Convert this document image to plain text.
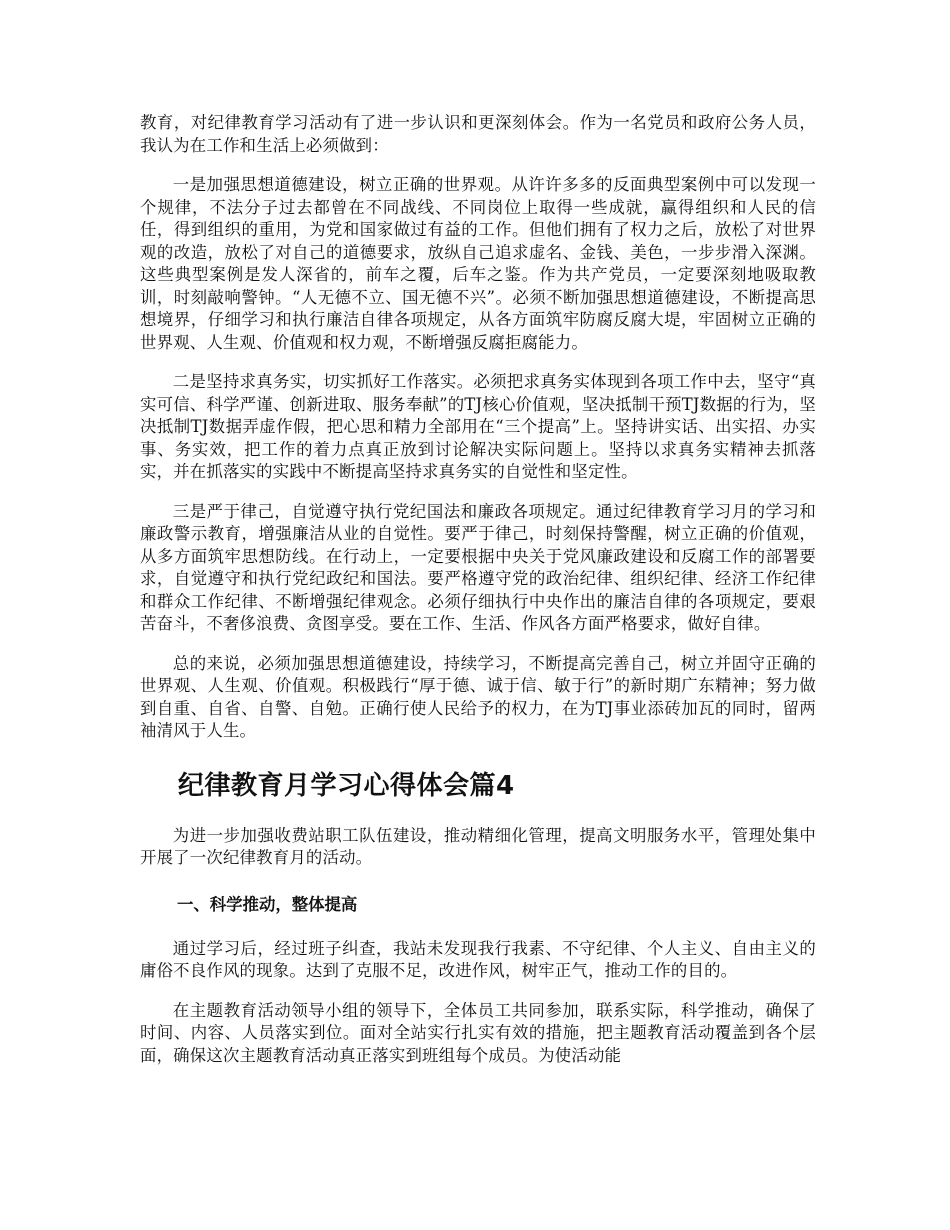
教育，对纪律教育学习活动有了进一步认识和更深刻体会。作为一名党员和政府公务人员，我认为在工作和生活上必须做到：

一是加强思想道德建设，树立正确的世界观。从许许多多的反面典型案例中可以发现一个规律，不法分子过去都曾在不同战线、不同岗位上取得一些成就，赢得组织和人民的信任，得到组织的重用，为党和国家做过有益的工作。但他们拥有了权力之后，放松了对世界观的改造，放松了对自己的道德要求，放纵自己追求虚名、金钱、美色，一步步滑入深渊。这些典型案例是发人深省的，前车之覆，后车之鉴。作为共产党员，一定要深刻地吸取教训，时刻敲响警钟。“人无德不立、国无德不兴”。必须不断加强思想道德建设，不断提高思想境界，仔细学习和执行廉洁自律各项规定，从各方面筑牢防腐反腐大堤，牢固树立正确的世界观、人生观、价值观和权力观，不断增强反腐拒腐能力。

二是坚持求真务实，切实抓好工作落实。必须把求真务实体现到各项工作中去，坚守“真实可信、科学严谨、创新进取、服务奉献”的TJ核心价值观，坚决抵制干预TJ数据的行为，坚决抵制TJ数据弄虚作假，把心思和精力全部用在“三个提高”上。坚持讲实话、出实招、办实事、务实效，把工作的着力点真正放到讨论解决实际问题上。坚持以求真务实精神去抓落实，并在抓落实的实践中不断提高坚持求真务实的自觉性和坚定性。

三是严于律己，自觉遵守执行党纪国法和廉政各项规定。通过纪律教育学习月的学习和廉政警示教育，增强廉洁从业的自觉性。要严于律己，时刻保持警醒，树立正确的价值观，从多方面筑牢思想防线。在行动上，一定要根据中央关于党风廉政建设和反腐工作的部署要求，自觉遵守和执行党纪政纪和国法。要严格遵守党的政治纪律、组织纪律、经济工作纪律和群众工作纪律、不断增强纪律观念。必须仔细执行中央作出的廉洁自律的各项规定，要艰苦奋斗，不奢侈浪费、贪图享受。要在工作、生活、作风各方面严格要求，做好自律。

总的来说，必须加强思想道德建设，持续学习，不断提高完善自己，树立并固守正确的世界观、人生观、价值观。积极践行“厚于德、诚于信、敏于行”的新时期广东精神；努力做到自重、自省、自警、自勉。正确行使人民给予的权力，在为TJ事业添砖加瓦的同时，留两袖清风于人生。

纪律教育月学习心得体会篇4

为进一步加强收费站职工队伍建设，推动精细化管理，提高文明服务水平，管理处集中开展了一次纪律教育月的活动。

一、科学推动，整体提高

通过学习后，经过班子纠查，我站未发现我行我素、不守纪律、个人主义、自由主义的庸俗不良作风的现象。达到了克服不足，改进作风，树牢正气，推动工作的目的。

在主题教育活动领导小组的领导下，全体员工共同参加，联系实际，科学推动，确保了时间、内容、人员落实到位。面对全站实行扎实有效的措施，把主题教育活动覆盖到各个层面，确保这次主题教育活动真正落实到班组每个成员。为使活动能
